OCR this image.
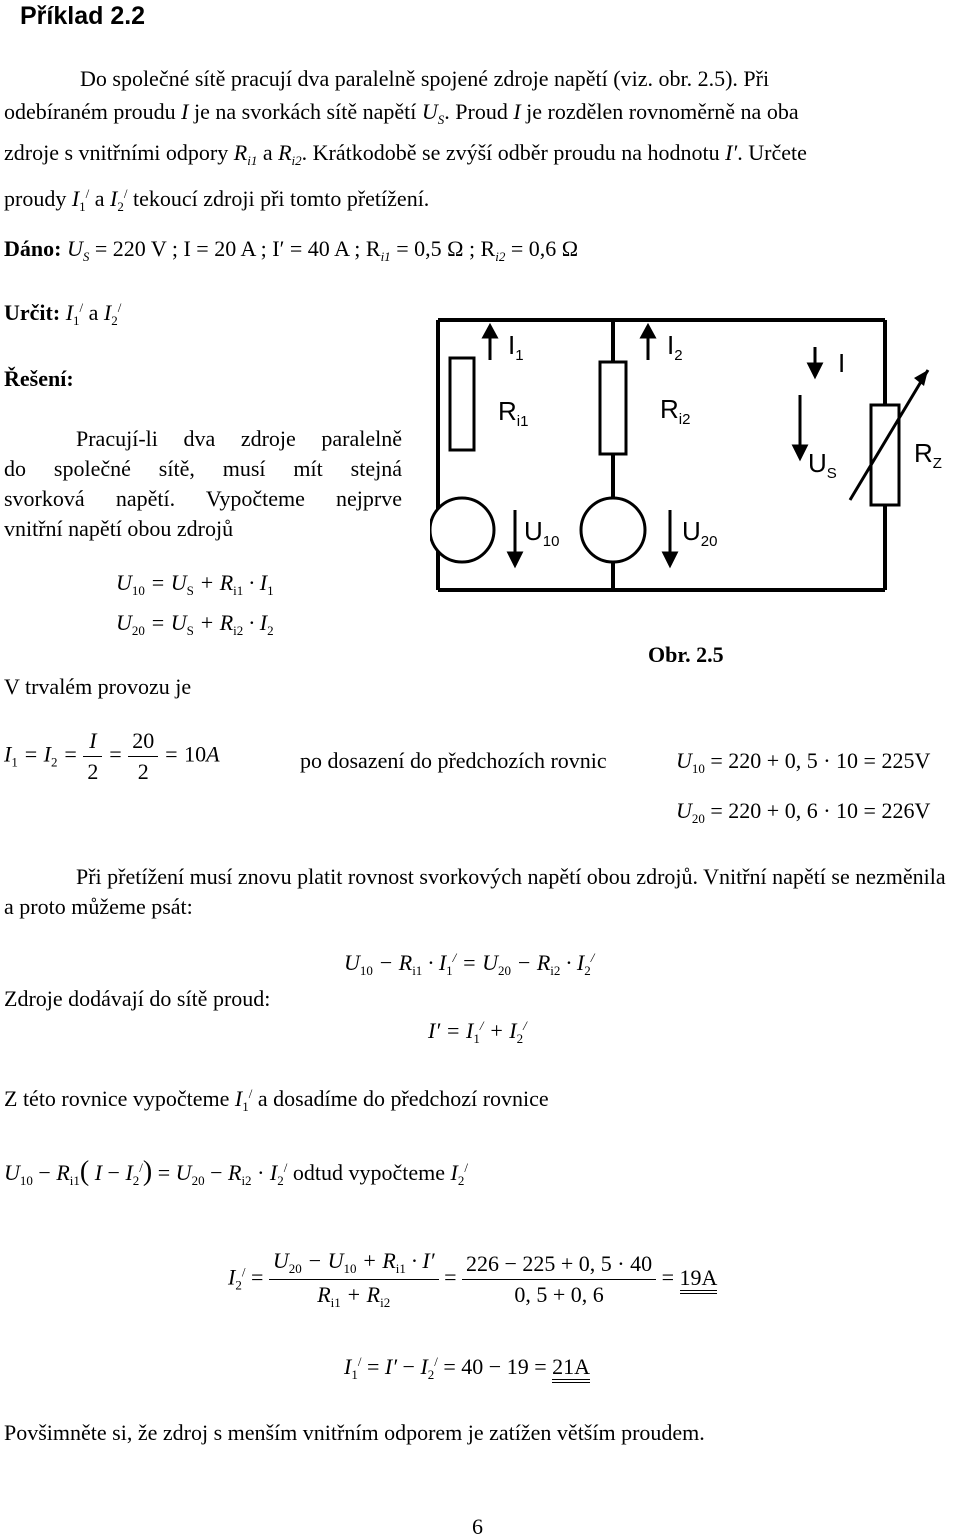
Příklad 2.2
Do společné sítě pracují dva paralelně spojené zdroje napětí (viz. obr. 2.5). Při
odebíraném proudu I je na svorkách sítě napětí $U_S$. Proud I je rozdělen rovnoměrně na oba
zdroje s vnitřními odpory $R_{i1}$ a $R_{i2}$. Krátkodobě se zvýší odběr proudu na hodnotu I′. Určete
proudy $I_1^/$ a $I_2^/$ tekoucí zdroji při tomto přetížení.
Dáno: $U_S = 220$ V ; I = 20 A ; I′ = 40 A ; $R_{i1} = 0,5$ Ω ; $R_{i2} = 0,6$ Ω
Určit: $I_1^/$ a $I_2^/$
Řešení:
Pracují-li dva zdroje paralelně
do společné sítě, musí mít stejná
svorková napětí. Vypočteme nejprve
vnitřní napětí obou zdrojů
$U_{10} = U_S + R_{i1} \cdot I_1$
$U_{20} = U_S + R_{i2} \cdot I_2$
$I_1$	$I_2$	I
$R_{i1}$	$R_{i2}$
$U_S$
$R_Z$
$U_{10}$	$U_{20}$
Obr. 2.5
V trvalém provozu je
$I_1 = I_2 = \frac{I}{2} = \frac{20}{2} = 10A$	po dosazení do předchozích rovnic	$U_{10} = 220 + 0$, 5 · 10 = 225V
$U_{20} = 220 + 0$, 6 · 10 = 226V
Při přetížení musí znovu platit rovnost svorkových napětí obou zdrojů. Vnitřní napětí se nezměnila a proto můžeme psát:
$U_{10} - R_{i1} \cdot I_1^/ = U_{20} - R_{i2} \cdot I_2^/$
Zdroje dodávají do sítě proud:
$I' = I_1^/ + I_2^/$
Z této rovnice vypočteme $I_1^/$ a dosadíme do předchozí rovnice
$U_{10} - R_{i1}$( $I - I_2^/) = U_{20} - R_{i2} \cdot I_2^/$ odtud vypočteme $I_2^/$
$I_2^/ = \frac{U_{20} - U_{10} + R_{i1} \cdot I'}{R_{i1} + R_{i2}} = \frac{226 - 225 + 0, 5 \cdot 40}{0, 5 + 0, 6} = 19A$
$I_1^/ = I' - I_2^/ = 40 - 19 = 21A$
Povšimněte si, že zdroj s menším vnitřním odporem je zatížen větším proudem.
6
